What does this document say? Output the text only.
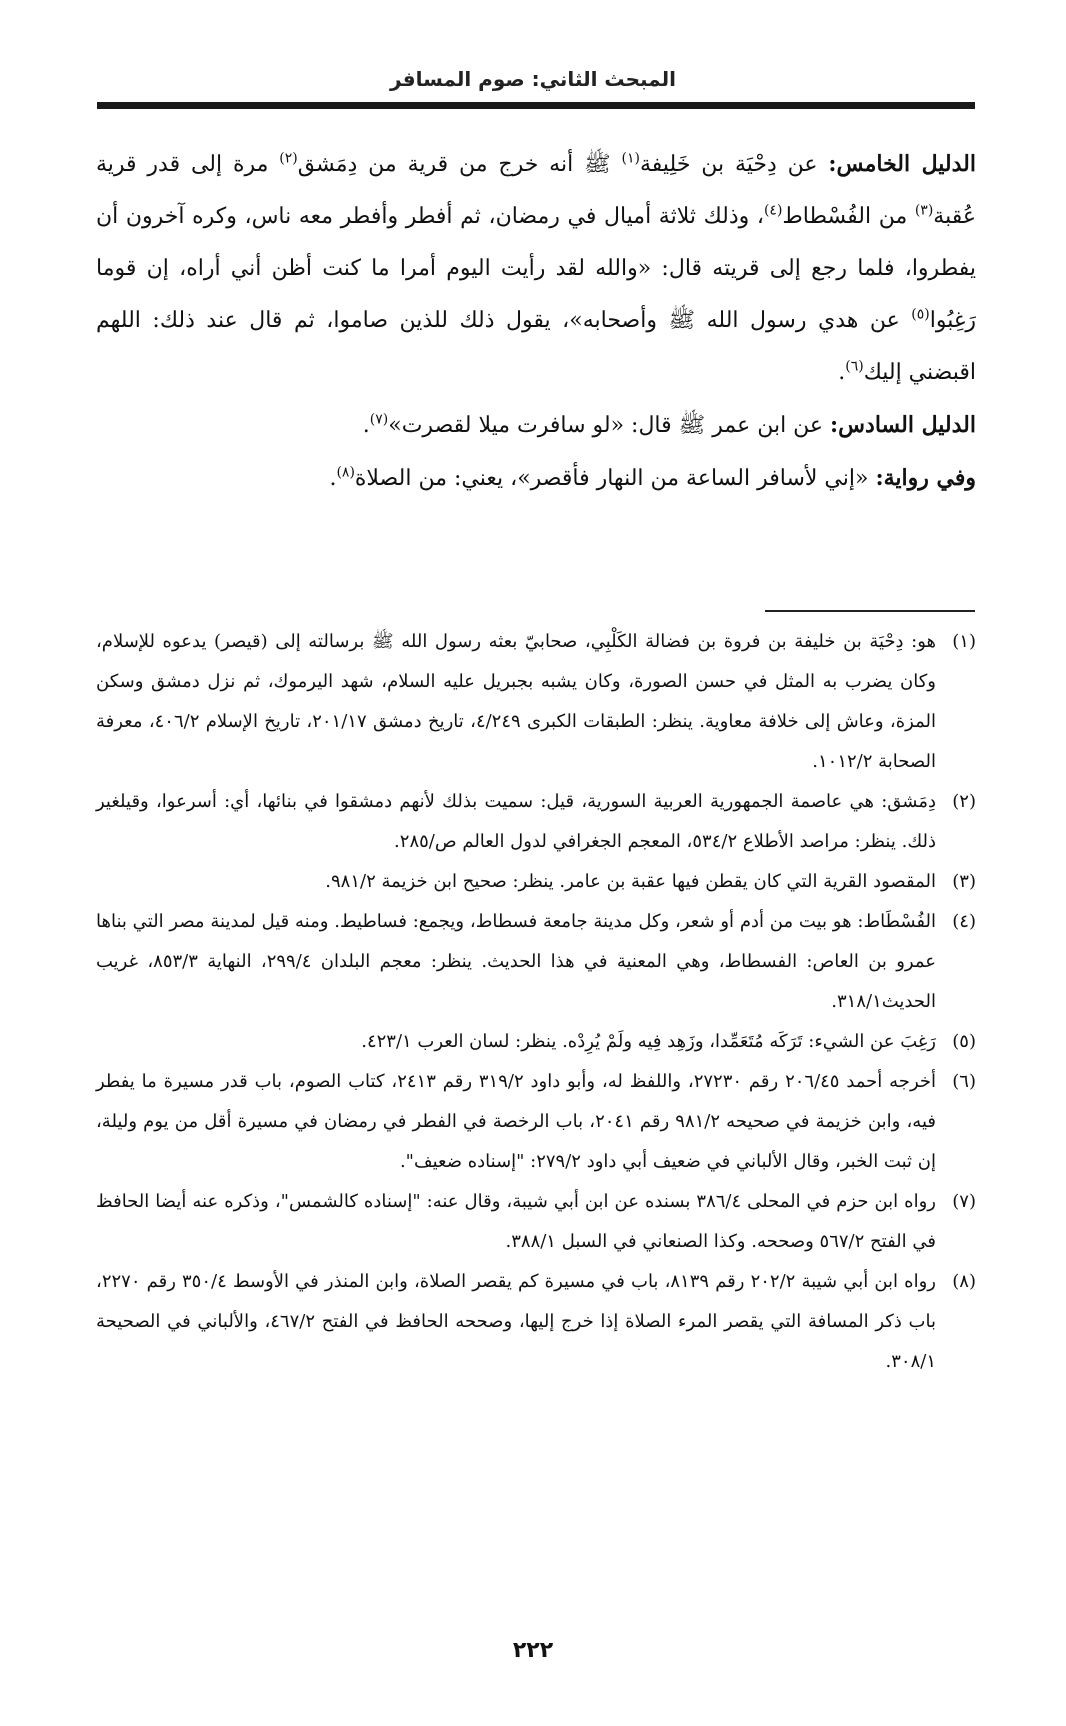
المبحث الثاني: صوم المسافر

الدليل الخامس: عن دِحْيَة بن خَلِيفة$^{(١)}$ ﷺ أنه خرج من قرية من دِمَشق$^{(٢)}$ مرة إلى قدر قرية عُقبة$^{(٣)}$ من الفُسْطاط$^{(٤)}$، وذلك ثلاثة أميال في رمضان، ثم أفطر وأفطر معه ناس، وكره آخرون أن يفطروا، فلما رجع إلى قريته قال: «والله لقد رأيت اليوم أمرا ما كنت أظن أني أراه، إن قوما رَغِبُوا$^{(٥)}$ عن هدي رسول الله ﷺ وأصحابه»، يقول ذلك للذين صاموا، ثم قال عند ذلك: اللهم اقبضني إليك$^{(٦)}$.

الدليل السادس: عن ابن عمر ﷺ قال: «لو سافرت ميلا لقصرت»$^{(٧)}$.

وفي رواية: «إني لأسافر الساعة من النهار فأقصر»، يعني: من الصلاة$^{(٨)}$.

(١)
هو: دِحْيَة بن خليفة بن فروة بن فضالة الكَلْبِي، صحابيّ بعثه رسول الله ﷺ برسالته إلى (قيصر) يدعوه للإسلام، وكان يضرب به المثل في حسن الصورة، وكان يشبه بجبريل عليه السلام، شهد اليرموك، ثم نزل دمشق وسكن المزة، وعاش إلى خلافة معاوية. ينظر: الطبقات الكبرى ٤/٢٤٩، تاريخ دمشق ٢٠١/١٧، تاريخ الإسلام ٤٠٦/٢، معرفة الصحابة ١٠١٢/٢.
(٢)
دِمَشق: هي عاصمة الجمهورية العربية السورية، قيل: سميت بذلك لأنهم دمشقوا في بنائها، أي: أسرعوا، وقيلغير ذلك. ينظر: مراصد الأطلاع ٥٣٤/٢، المعجم الجغرافي لدول العالم ص/٢٨٥.
(٣)
المقصود القرية التي كان يقطن فيها عقبة بن عامر. ينظر: صحيح ابن خزيمة ٩٨١/٢.
(٤)
الفُسْطَاط: هو بيت من أدم أو شعر، وكل مدينة جامعة فسطاط، ويجمع: فساطيط. ومنه قيل لمدينة مصر التي بناها عمرو بن العاص: الفسطاط، وهي المعنية في هذا الحديث. ينظر: معجم البلدان ٢٩٩/٤، النهاية ٨٥٣/٣، غريب الحديث٣١٨/١.
(٥)
رَغِبَ عن الشيء: تَرَكَه مُتَعَمِّدا، وزَهِد فِيه ولَمْ يُرِدْه. ينظر: لسان العرب ٤٢٣/١.
(٦)
أخرجه أحمد ٢٠٦/٤٥ رقم ٢٧٢٣٠، واللفظ له، وأبو داود ٣١٩/٢ رقم ٢٤١٣، كتاب الصوم، باب قدر مسيرة ما يفطر فيه، وابن خزيمة في صحيحه ٩٨١/٢ رقم ٢٠٤١، باب الرخصة في الفطر في رمضان في مسيرة أقل من يوم وليلة، إن ثبت الخبر، وقال الألباني في ضعيف أبي داود ٢٧٩/٢: "إسناده ضعيف".
(٧)
رواه ابن حزم في المحلى ٣٨٦/٤ بسنده عن ابن أبي شيبة، وقال عنه: "إسناده كالشمس"، وذكره عنه أيضا الحافظ في الفتح ٥٦٧/٢ وصححه. وكذا الصنعاني في السبل ٣٨٨/١.
(٨)
رواه ابن أبي شيبة ٢٠٢/٢ رقم ٨١٣٩، باب في مسيرة كم يقصر الصلاة، وابن المنذر في الأوسط ٣٥٠/٤ رقم ٢٢٧٠، باب ذكر المسافة التي يقصر المرء الصلاة إذا خرج إليها، وصححه الحافظ في الفتح ٤٦٧/٢، والألباني في الصحيحة ٣٠٨/١.
٢٢٢
